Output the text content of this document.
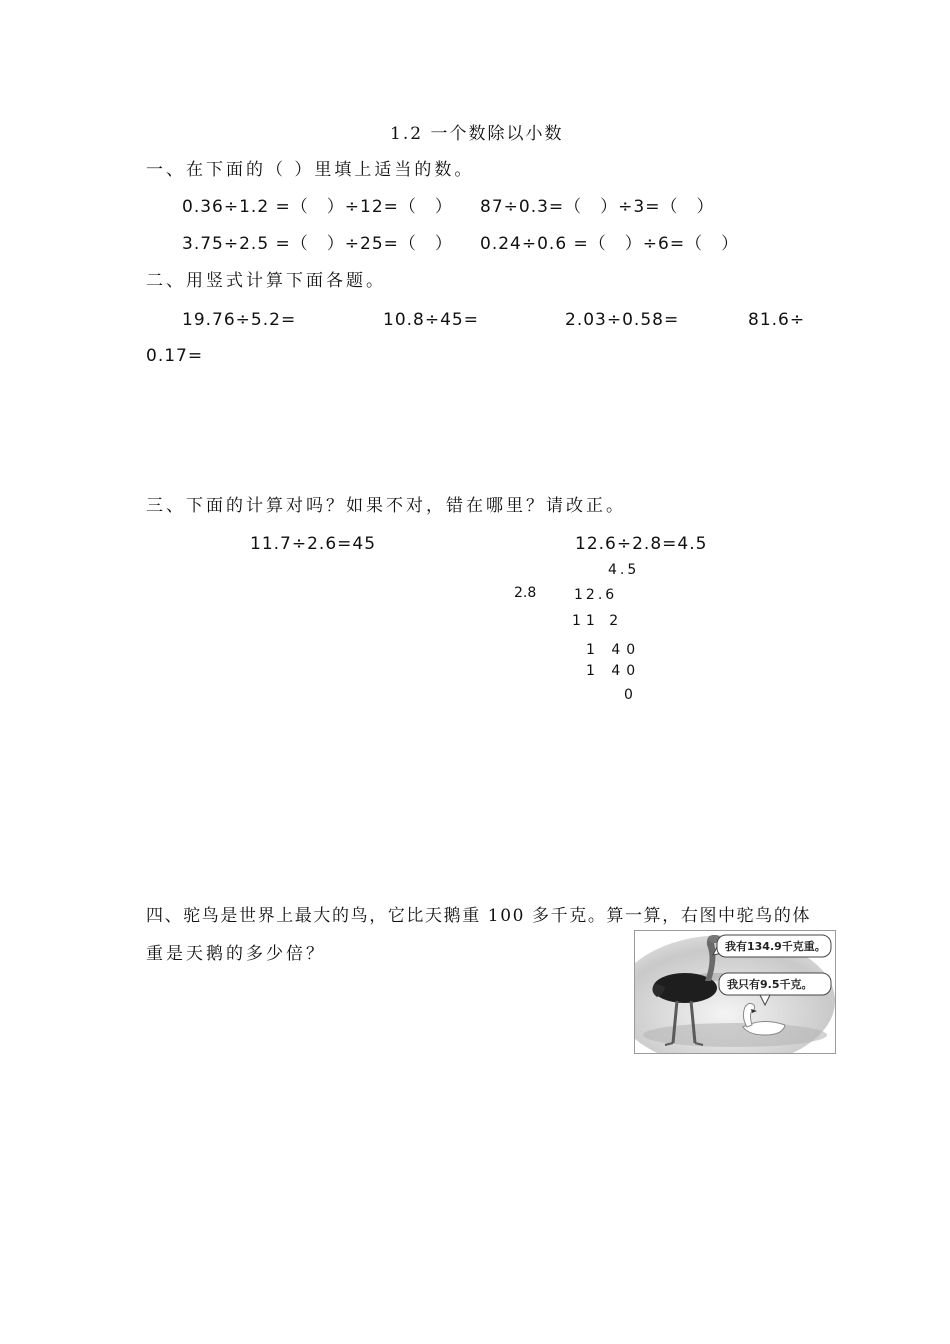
1.2 一个数除以小数
一、在下面的（ ）里填上适当的数。
0.36÷1.2 =（　）÷12=（　） 87÷0.3=（　）÷3=（　）
3.75÷2.5 =（　）÷25=（　） 0.24÷0.6 =（　）÷6=（　）
二、用竖式计算下面各题。
19.76÷5.2=	10.8÷45=	2.03÷0.58=	81.6÷
0.17=
三、下面的计算对吗？如果不对，错在哪里？请改正。
11.7÷2.6=45	12.6÷2.8=4.5
4.5
2.8	12.6
11 2
1 40
1 40
0
四、驼鸟是世界上最大的鸟，它比天鹅重 100 多千克。算一算，右图中驼鸟的体
重是天鹅的多少倍？	我有134.9千克重。
我只有9.5千克。
